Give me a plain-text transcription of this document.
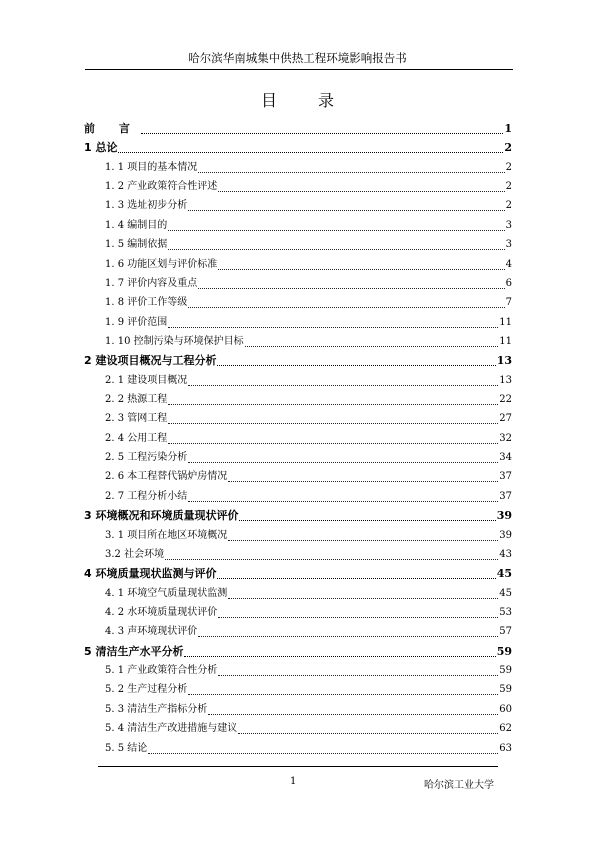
哈尔滨华南城集中供热工程环境影响报告书
目 录
前 言	1
1 总论	2
1. 1 项目的基本情况	2
1. 2 产业政策符合性评述	2
1. 3 选址初步分析	2
1. 4 编制目的	3
1. 5 编制依据	3
1. 6 功能区划与评价标准	4
1. 7 评价内容及重点	6
1. 8 评价工作等级	7
1. 9 评价范围	11
1. 10 控制污染与环境保护目标	11
2 建设项目概况与工程分析	13
2. 1 建设项目概况	13
2. 2 热源工程	22
2. 3 管网工程	27
2. 4 公用工程	32
2. 5 工程污染分析	34
2. 6 本工程替代锅炉房情况	37
2. 7 工程分析小结	37
3 环境概况和环境质量现状评价	39
3. 1 项目所在地区环境概况	39
3.2 社会环境	43
4 环境质量现状监测与评价	45
4. 1 环境空气质量现状监测	45
4. 2 水环境质量现状评价	53
4. 3 声环境现状评价	57
5 清洁生产水平分析	59
5. 1 产业政策符合性分析	59
5. 2 生产过程分析	59
5. 3 清洁生产指标分析	60
5. 4 清洁生产改进措施与建议	62
5. 5 结论	63
1	哈尔滨工业大学
